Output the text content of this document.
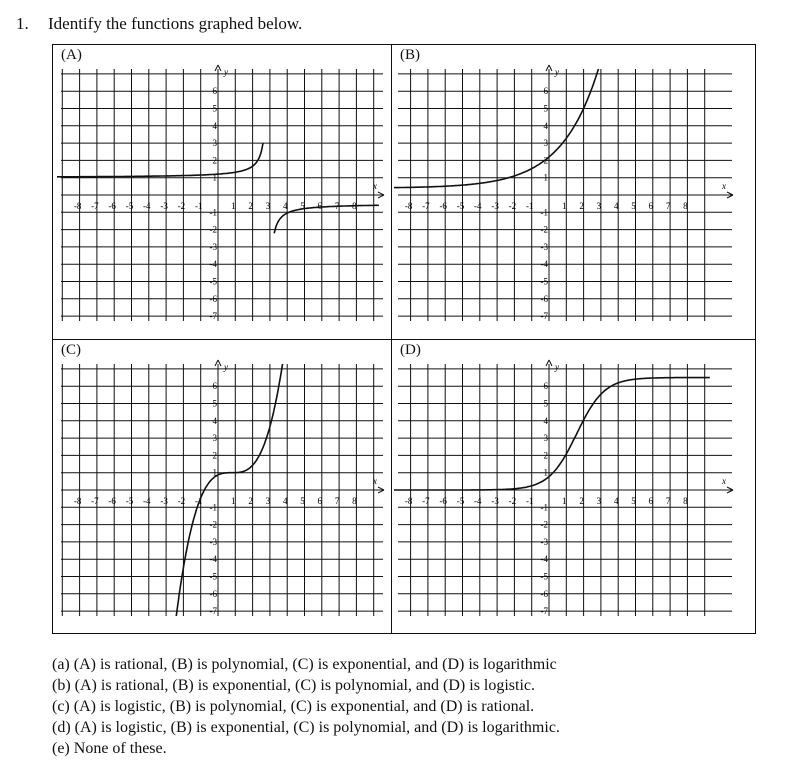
1. Identify the functions graphed below.
x
y
-8 -7 -6 -5 -4 -3 -2 -1	1 2 3 4 5 6 7 8
6
5
4
3
2
1
-1
-2
-3
-4
-5
-6
-7
(A)
x
y
-8 -7 -6 -5 -4 -3 -2 -1	1 2 3 4 5 6 7 8
6
5
4
3
2
1
-1
-2
-3
-4
-5
-6
-7
(B)
x
y
-8 -7 -6 -5 -4 -3 -2 -1	1 2 3 4 5 6 7 8
6
5
4
3
2
1
-1
-2
-3
-4
-5
-6
-7
(C)
x
y
-8 -7 -6 -5 -4 -3 -2 -1	1 2 3 4 5 6 7 8
6
5
4
3
2
1
-1
-2
-3
-4
-5
-6
-7
(D)
(a) (A) is rational, (B) is polynomial, (C) is exponential, and (D) is logarithmic
(b) (A) is rational, (B) is exponential, (C) is polynomial, and (D) is logistic.
(c) (A) is logistic, (B) is polynomial, (C) is exponential, and (D) is rational.
(d) (A) is logistic, (B) is exponential, (C) is polynomial, and (D) is logarithmic.
(e) None of these.
